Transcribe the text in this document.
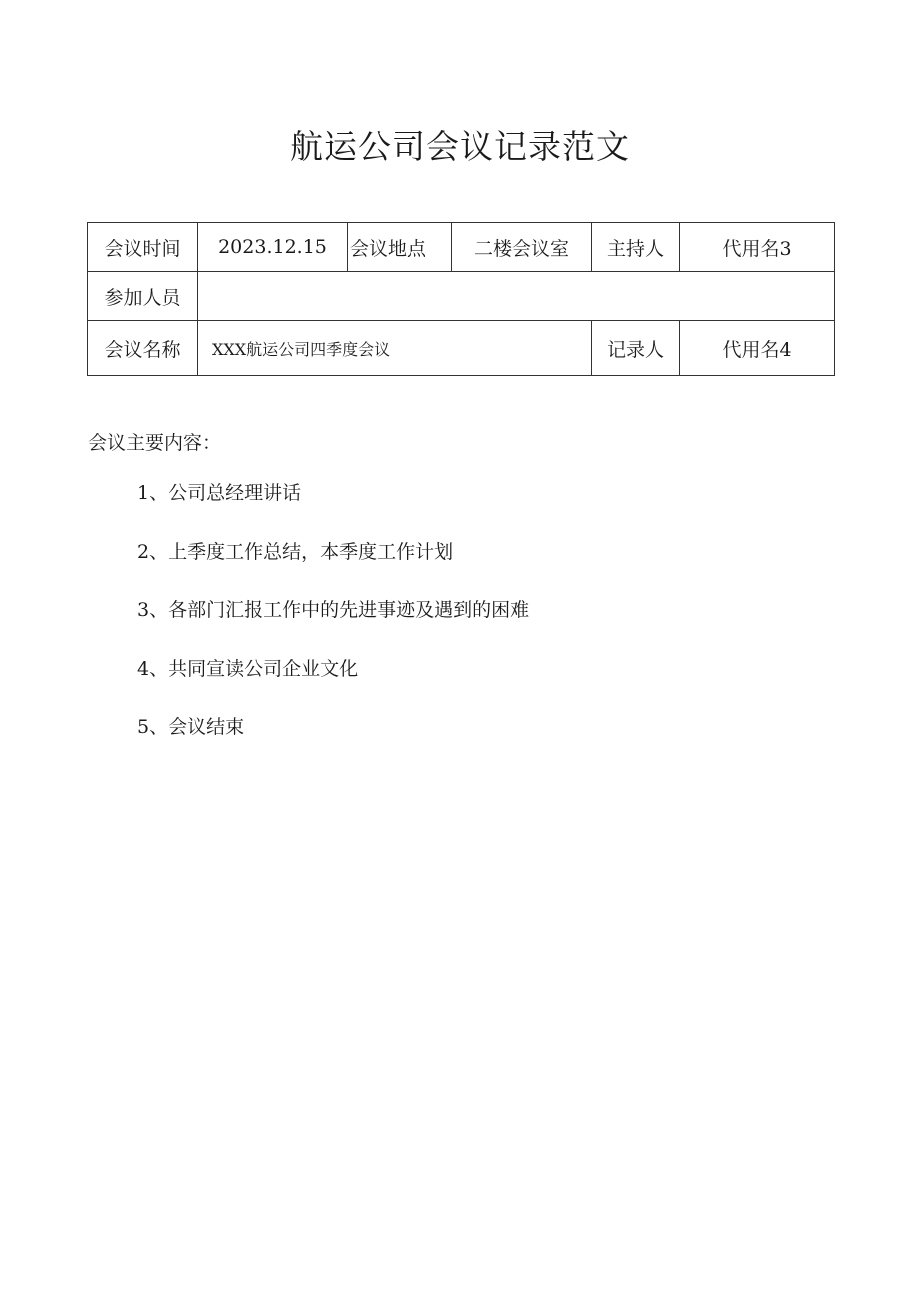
航运公司会议记录范文
会议时间	2023.12.15	会议地点	二楼会议室	主持人	代用名3
参加人员					
会议名称	XXX航运公司四季度会议			记录人	代用名4

会议主要内容：

1、公司总经理讲话
2、上季度工作总结，本季度工作计划
3、各部门汇报工作中的先进事迹及遇到的困难
4、共同宣读公司企业文化
5、会议结束
